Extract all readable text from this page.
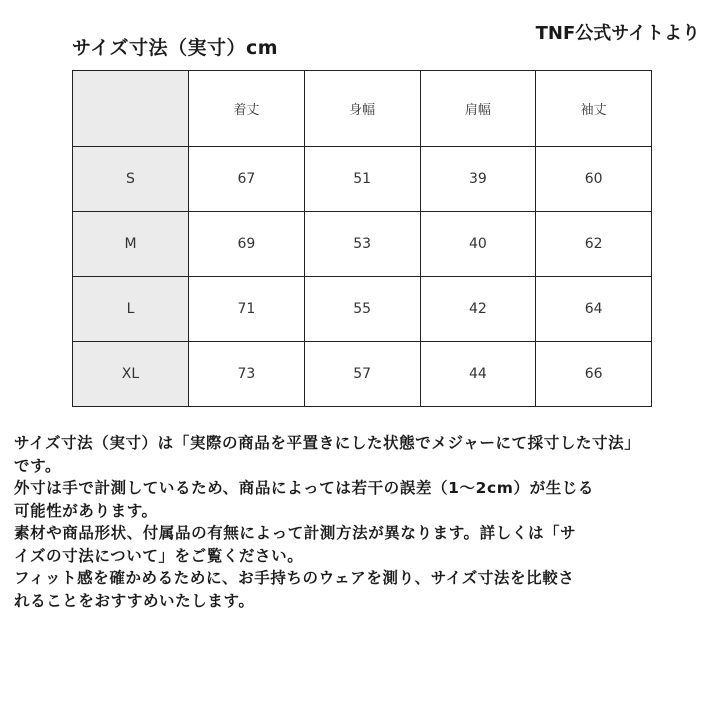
サイズ寸法（実寸）cm
TNF公式サイトより
	着丈	身幅	肩幅	袖丈
S	67	51	39	60
M	69	53	40	62
L	71	55	42	64
XL	73	57	44	66

サイズ寸法（実寸）は「実際の商品を平置きにした状態でメジャーにて採寸した寸法」

です。

外寸は手で計測しているため、商品によっては若干の誤差（1〜2cm）が生じる

可能性があります。

素材や商品形状、付属品の有無によって計測方法が異なります。詳しくは「サ

イズの寸法について」をご覧ください。

フィット感を確かめるために、お手持ちのウェアを測り、サイズ寸法を比較さ

れることをおすすめいたします。
